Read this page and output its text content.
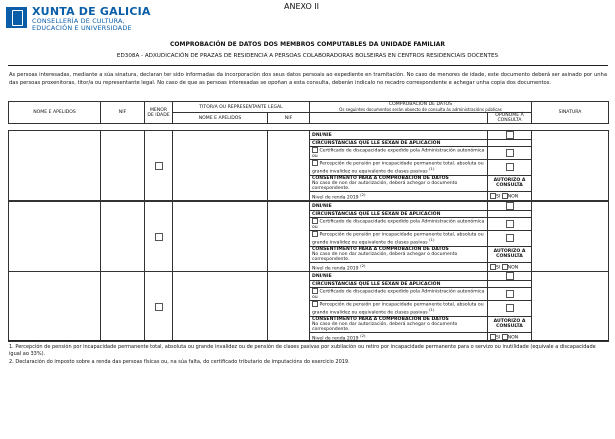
XUNTA DE GALICIA
CONSELLERÍA DE CULTURA,
EDUCACIÓN E UNIVERSIDADE
ANEXO II
COMPROBACIÓN DE DATOS DOS MEMBROS COMPUTABLES DA UNIDADE FAMILIAR
ED308A - ADXUDICACIÓN DE PRAZAS DE RESIDENCIA A PERSOAS COLABORADORAS BOLSEIRAS EN CENTROS RESIDENCIAIS DOCENTES
As persoas interesadas, mediante a súa sinatura, declaran ter sido informadas da incorporación dos seus datos persoais ao expediente en tramitación. No caso de menores de idade, este documento deberá ser asinado por unha das persoas proxenitoras, titor/a ou representante legal. No caso de que as persoas interesadas se opoñan a esta consulta, deberán indicalo no recadro correspondente e achegar unha copia dos documentos.
NOME E APELIDOS	NIF	MENOR DE IDADE	TITOR/A OU REPRESENTANTE LEGAL		COMPROBACIÓN DE DATOS
Os seguintes documentos serán obxecto de consulta ás administracións públicas		SINATURA
			NOME E APELIDOS	NIF		OPOÑOME Á CONSULTA	
					DNI/NIE		
					CIRCUNSTANCIAS QUE LLE SEXAN DE APLICACIÓN		
					Certificado de discapacidade expedido pola Administración autonómica ou		
					Percepción de pensión por incapacidade permanente total, absoluta ou grande invalidez ou equivalente de clases pasivas $^{(1)}$	

					CONSENTIMENTO PARA A COMPROBACIÓN DE DATOS
No caso de non dar autorización, deberá achegar o documento correspondente.	AUTORIZO A CONSULTA	
					Nivel de renda 2019 $^{(2)}$	SI NON	
					DNI/NIE		
					CIRCUNSTANCIAS QUE LLE SEXAN DE APLICACIÓN		
					Certificado de discapacidade expedido pola Administración autonómica ou		
					Percepción de pensión por incapacidade permanente total, absoluta ou grande invalidez ou equivalente de clases pasivas $^{(1)}$	

					CONSENTIMENTO PARA A COMPROBACIÓN DE DATOS
No caso de non dar autorización, deberá achegar o documento correspondente.	AUTORIZO A CONSULTA	
					Nivel de renda 2019 $^{(2)}$	SI NON	
					DNI/NIE		
					CIRCUNSTANCIAS QUE LLE SEXAN DE APLICACIÓN		
					Certificado de discapacidade expedido pola Administración autonómica ou		
					Percepción de pensión por incapacidade permanente total, absoluta ou grande invalidez ou equivalente de clases pasivas $^{(1)}$	

					CONSENTIMENTO PARA A COMPROBACIÓN DE DATOS
No caso de non dar autorización, deberá achegar o documento correspondente.	AUTORIZO A CONSULTA	
					Nivel de renda 2019 $^{(2)}$	SI NON	
1. Percepción de pensión por incapacidade permanente total, absoluta ou grande invalidez ou de pensión de clases pasivas por xubilación ou retiro por incapacidade permanente para o servizo ou inutilidade (equivale a discapacidade igual ao 33%).
2. Declaración do imposto sobre a renda das persoas físicas ou, na súa falta, do certificado tributario de imputacións do exercicio 2019.
